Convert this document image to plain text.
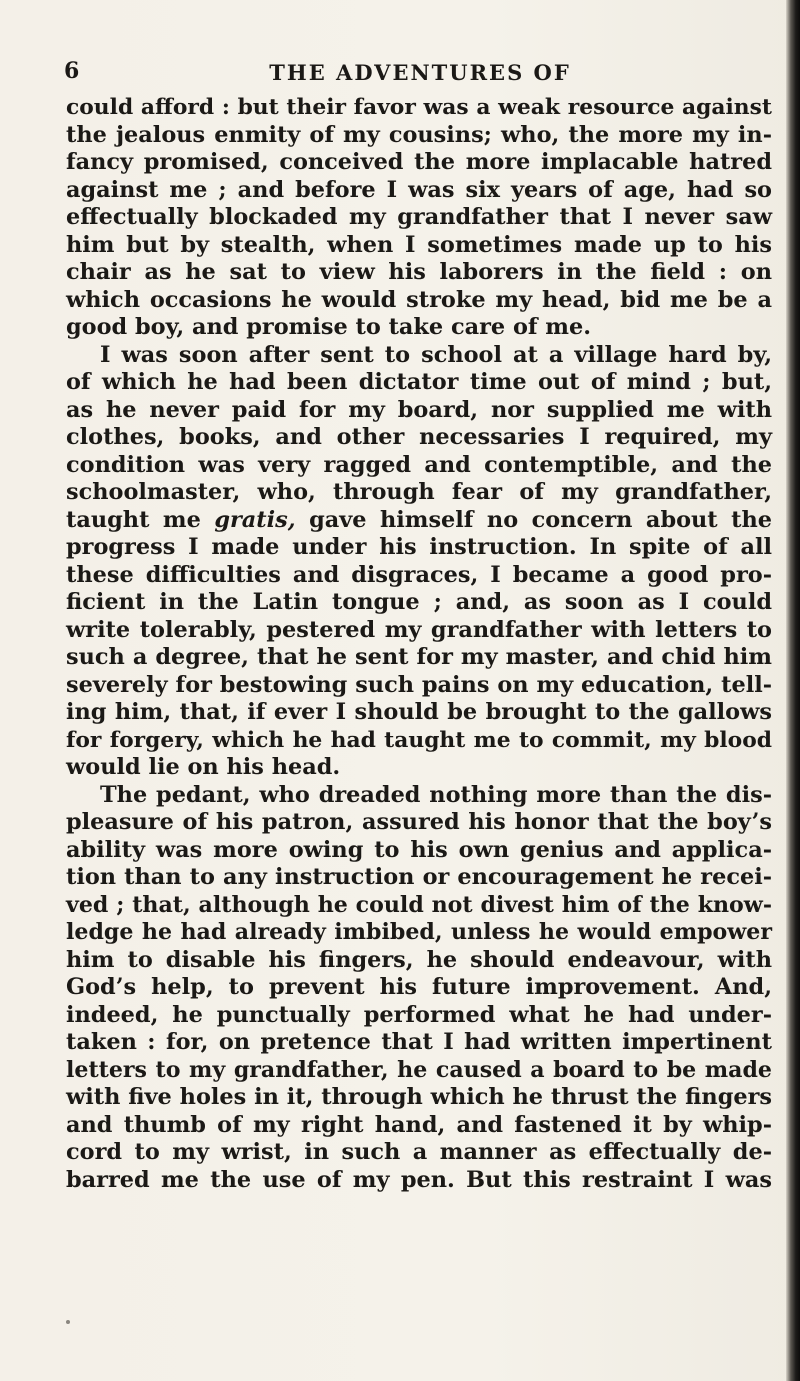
6	THE ADVENTURES OF
could afford : but their favor was a weak resource against
the jealous enmity of my cousins; who, the more my in-
fancy promised, conceived the more implacable hatred
against me ; and before I was six years of age, had so
effectually blockaded my grandfather that I never saw
him but by stealth, when I sometimes made up to his
chair as he sat to view his laborers in the field : on
which occasions he would stroke my head, bid me be a
good boy, and promise to take care of me.
I was soon after sent to school at a village hard by,
of which he had been dictator time out of mind ; but,
as he never paid for my board, nor supplied me with
clothes, books, and other necessaries I required, my
condition was very ragged and contemptible, and the
schoolmaster, who, through fear of my grandfather,
taught me gratis, gave himself no concern about the
progress I made under his instruction. In spite of all
these difficulties and disgraces, I became a good pro-
ficient in the Latin tongue ; and, as soon as I could
write tolerably, pestered my grandfather with letters to
such a degree, that he sent for my master, and chid him
severely for bestowing such pains on my education, tell-
ing him, that, if ever I should be brought to the gallows
for forgery, which he had taught me to commit, my blood
would lie on his head.
The pedant, who dreaded nothing more than the dis-
pleasure of his patron, assured his honor that the boy’s
ability was more owing to his own genius and applica-
tion than to any instruction or encouragement he recei-
ved ; that, although he could not divest him of the know-
ledge he had already imbibed, unless he would empower
him to disable his fingers, he should endeavour, with
God’s help, to prevent his future improvement. And,
indeed, he punctually performed what he had under-
taken : for, on pretence that I had written impertinent
letters to my grandfather, he caused a board to be made
with five holes in it, through which he thrust the fingers
and thumb of my right hand, and fastened it by whip-
cord to my wrist, in such a manner as effectually de-
barred me the use of my pen. But this restraint I was
